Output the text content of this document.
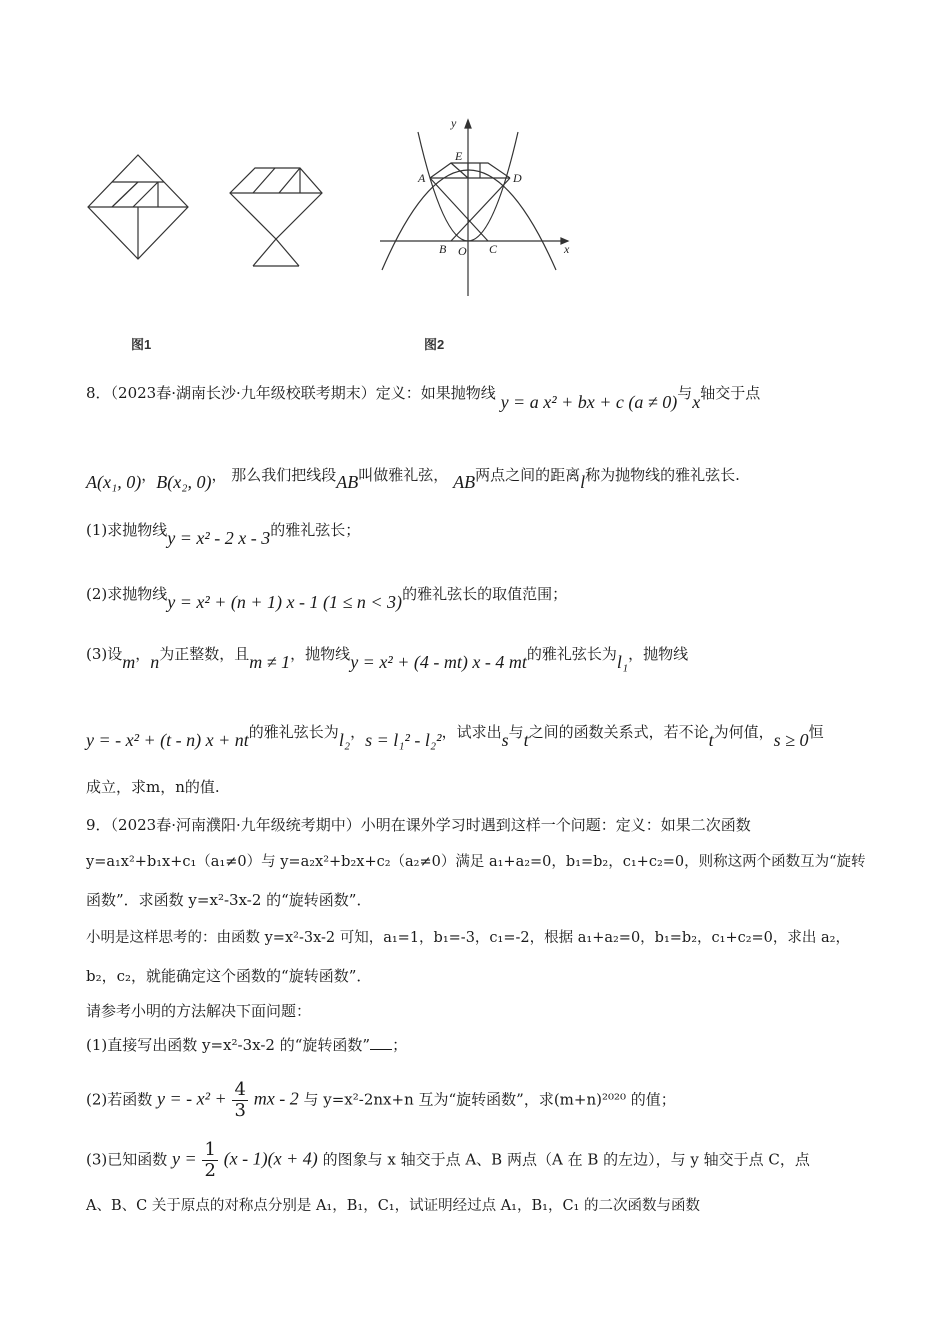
y
x
E
A	D
B O C
图1	图2
8．（2023春·湖南长沙·九年级校联考期末）定义：如果抛物线 y = a x² + bx + c (a ≠ 0)与x轴交于点
A(x₁, 0)，B(x₂, 0)， 那么我们把线段AB叫做雅礼弦， AB两点之间的距离l称为抛物线的雅礼弦长.
(1)求抛物线y = x² - 2 x - 3的雅礼弦长；
(2)求抛物线y = x² + (n + 1) x - 1 (1 ≤ n < 3)的雅礼弦长的取值范围；
(3)设m，n为正整数，且m ≠ 1，抛物线y = x² + (4 - mt) x - 4 mt的雅礼弦长为l₁，抛物线
y = - x² + (t - n) x + nt的雅礼弦长为l₂，s = l₁² - l₂²，试求出s与t之间的函数关系式，若不论t为何值，s ≥ 0恒
成立，求m，n的值.
9．（2023春·河南濮阳·九年级统考期中）小明在课外学习时遇到这样一个问题：定义：如果二次函数
y=a₁x²+b₁x+c₁（a₁≠0）与 y=a₂x²+b₂x+c₂（a₂≠0）满足 a₁+a₂=0，b₁=b₂，c₁+c₂=0，则称这两个函数互为“旋转
函数”．求函数 y=x²-3x-2 的“旋转函数”．
小明是这样思考的：由函数 y=x²-3x-2 可知，a₁=1，b₁=-3，c₁=-2，根据 a₁+a₂=0，b₁=b₂，c₁+c₂=0，求出 a₂，
b₂，c₂，就能确定这个函数的“旋转函数”．
请参考小明的方法解决下面问题：
(1)直接写出函数 y=x²-3x-2 的“旋转函数” ；
(2)若函数 y = - $x^2 + \frac{4}{3}$ mx - 2 与 y=x²-2nx+n 互为“旋转函数”，求(m+n)²⁰²⁰ 的值；
(3)已知函数 $y = \frac{1}{2} (x - 1)(x + 4)$ 的图象与 x 轴交于点 A、B 两点（A 在 B 的左边），与 y 轴交于点 C，点
A、B、C 关于原点的对称点分别是 A₁，B₁，C₁，试证明经过点 A₁，B₁，C₁ 的二次函数与函数
